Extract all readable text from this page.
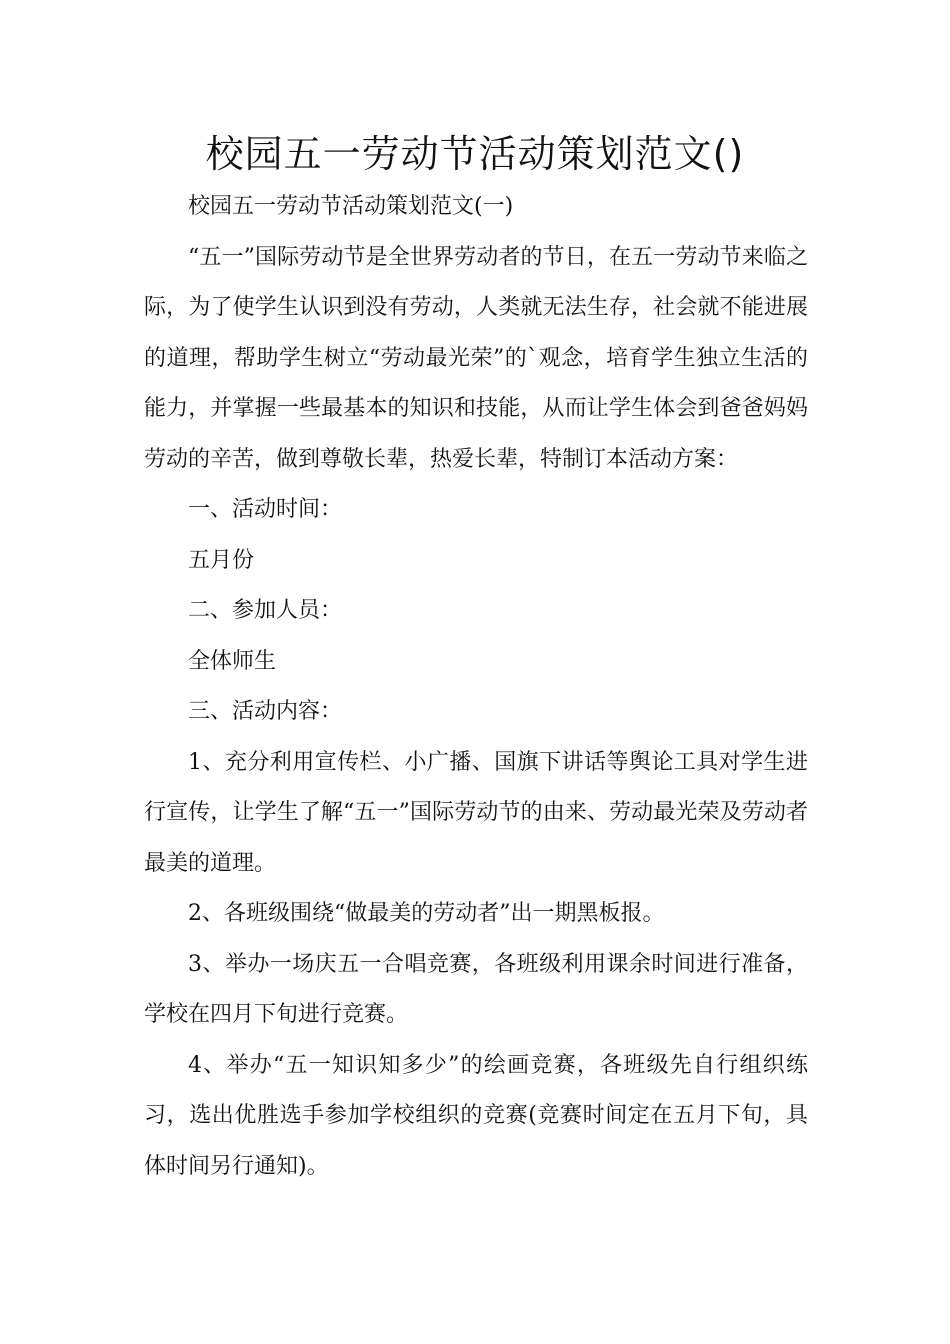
校园五一劳动节活动策划范文()

校园五一劳动节活动策划范文(一)

“五一”国际劳动节是全世界劳动者的节日，在五一劳动节来临之际，为了使学生认识到没有劳动，人类就无法生存，社会就不能进展的道理，帮助学生树立“劳动最光荣”的`观念，培育学生独立生活的能力，并掌握一些最基本的知识和技能，从而让学生体会到爸爸妈妈劳动的辛苦，做到尊敬长辈，热爱长辈，特制订本活动方案：

一、活动时间：

五月份

二、参加人员：

全体师生

三、活动内容：

1、充分利用宣传栏、小广播、国旗下讲话等舆论工具对学生进行宣传，让学生了解“五一”国际劳动节的由来、劳动最光荣及劳动者最美的道理。

2、各班级围绕“做最美的劳动者”出一期黑板报。

3、举办一场庆五一合唱竞赛，各班级利用课余时间进行准备，学校在四月下旬进行竞赛。

4、举办“五一知识知多少”的绘画竞赛，各班级先自行组织练习，选出优胜选手参加学校组织的竞赛(竞赛时间定在五月下旬，具体时间另行通知)。
